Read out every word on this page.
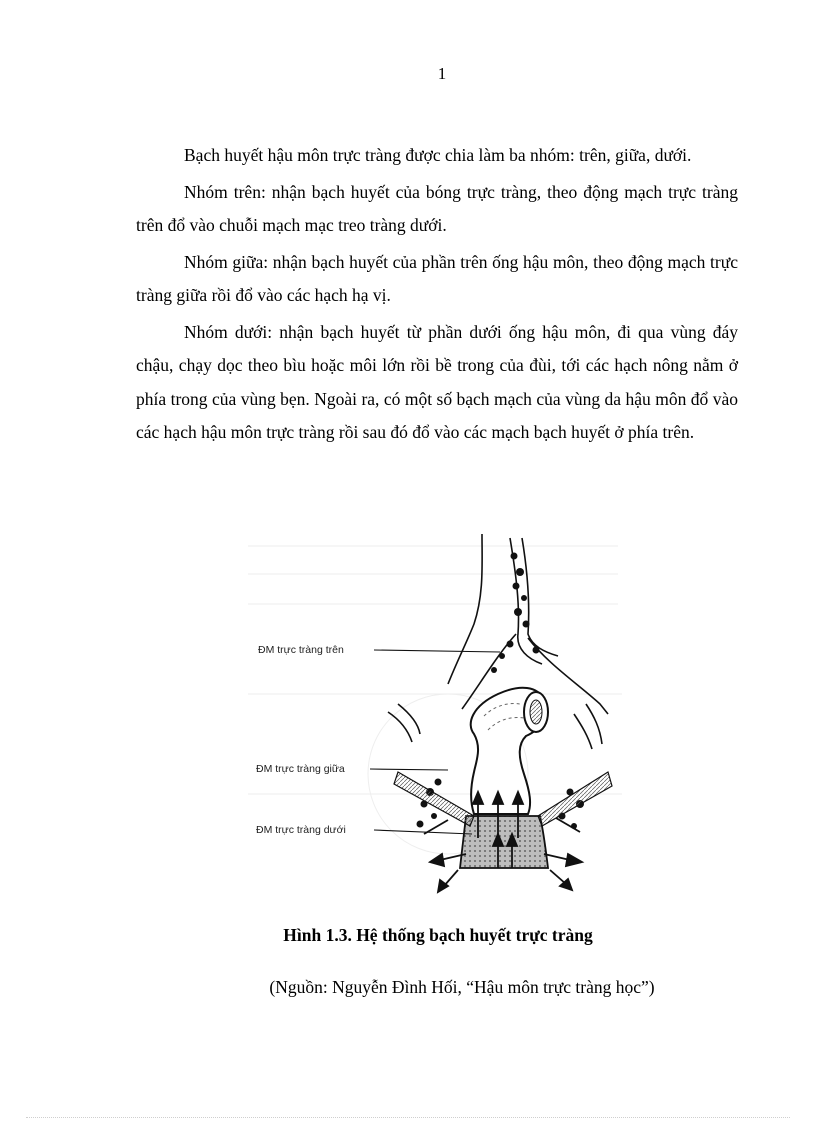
1

Bạch huyết hậu môn trực tràng được chia làm ba nhóm: trên, giữa, dưới.

Nhóm trên: nhận bạch huyết của bóng trực tràng, theo động mạch trực tràng trên đổ vào chuỗi mạch mạc treo tràng dưới.

Nhóm giữa: nhận bạch huyết của phần trên ống hậu môn, theo động mạch trực tràng giữa rồi đổ vào các hạch hạ vị.

Nhóm dưới: nhận bạch huyết từ phần dưới ống hậu môn, đi qua vùng đáy chậu, chạy dọc theo bìu hoặc môi lớn rồi bề trong của đùi, tới các hạch nông nằm ở phía trong của vùng bẹn. Ngoài ra, có một số bạch mạch của vùng da hậu môn đổ vào các hạch hậu môn trực tràng rồi sau đó đổ vào các mạch bạch huyết ở phía trên.

ĐM trực tràng trên
ĐM trực tràng giữa
ĐM trực tràng dưới
Hình 1.3. Hệ thống bạch huyết trực tràng
(Nguồn: Nguyễn Đình Hối, “Hậu môn trực tràng học”)
